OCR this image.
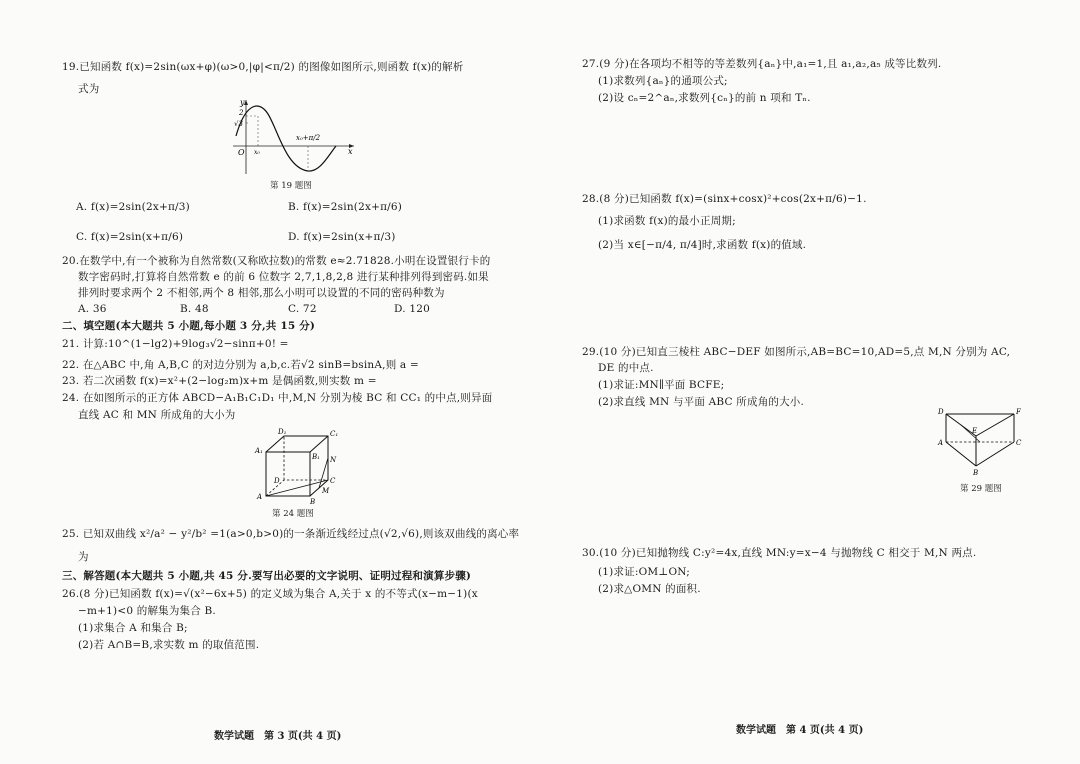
19.已知函数 f(x)=2sin(ωx+φ)(ω>0,|φ|<π/2) 的图像如图所示,则函数 f(x)的解析
式为
y
2
√3
O x₀
x₀+π/2
x
第 19 题图
A. f(x)=2sin(2x+π/3)	B. f(x)=2sin(2x+π/6)
C. f(x)=2sin(x+π/6)	D. f(x)=2sin(x+π/3)
20.在数学中,有一个被称为自然常数(又称欧拉数)的常数 e≈2.71828.小明在设置银行卡的
数字密码时,打算将自然常数 e 的前 6 位数字 2,7,1,8,2,8 进行某种排列得到密码.如果
排列时要求两个 2 不相邻,两个 8 相邻,那么小明可以设置的不同的密码种数为
A. 36	B. 48	C. 72	D. 120
二、填空题(本大题共 5 小题,每小题 3 分,共 15 分)
21. 计算:10^(1−lg2)+9log₃√2−sinπ+0! =
22. 在△ABC 中,角 A,B,C 的对边分别为 a,b,c.若√2 sinB=bsinA,则 a =
23. 若二次函数 f(x)=x²+(2−log₂m)x+m 是偶函数,则实数 m =
24. 在如图所示的正方体 ABCD−A₁B₁C₁D₁ 中,M,N 分别为棱 BC 和 CC₁ 的中点,则异面
直线 AC 和 MN 所成角的大小为
D₁	C₁
A₁
B₁ N
D	C
A
M
B
第 24 题图
25. 已知双曲线 x²/a² − y²/b² =1(a>0,b>0)的一条渐近线经过点(√2,√6),则该双曲线的离心率
为
三、解答题(本大题共 5 小题,共 45 分.要写出必要的文字说明、证明过程和演算步骤)
26.(8 分)已知函数 f(x)=√(x²−6x+5) 的定义域为集合 A,关于 x 的不等式(x−m−1)(x
−m+1)<0 的解集为集合 B.
(1)求集合 A 和集合 B;
(2)若 A∩B=B,求实数 m 的取值范围.
数学试题　第 3 页(共 4 页)
27.(9 分)在各项均不相等的等差数列{aₙ}中,a₁=1,且 a₁,a₂,a₅ 成等比数列.
(1)求数列{aₙ}的通项公式;
(2)设 cₙ=2^aₙ,求数列{cₙ}的前 n 项和 Tₙ.
28.(8 分)已知函数 f(x)=(sinx+cosx)²+cos(2x+π/6)−1.
(1)求函数 f(x)的最小正周期;
(2)当 x∈[−π/4, π/4]时,求函数 f(x)的值域.
29.(10 分)已知直三棱柱 ABC−DEF 如图所示,AB=BC=10,AD=5,点 M,N 分别为 AC,
DE 的中点.
(1)求证:MN∥平面 BCFE;
(2)求直线 MN 与平面 ABC 所成角的大小.
D	F
E
A	C
B
第 29 题图
30.(10 分)已知抛物线 C:y²=4x,直线 MN:y=x−4 与抛物线 C 相交于 M,N 两点.
(1)求证:OM⊥ON;
(2)求△OMN 的面积.
数学试题　第 4 页(共 4 页)
